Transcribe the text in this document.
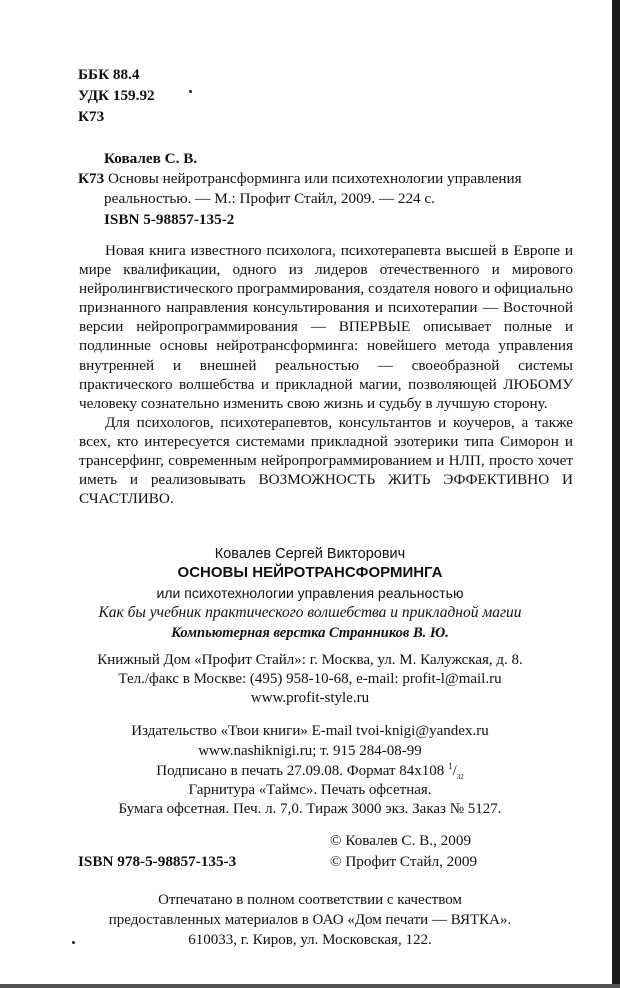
ББК 88.4
УДК 159.92
К73
Ковалев С. В.
К73 Основы нейротрансформинга или психотехнологии управления
реальностью. — М.: Профит Стайл, 2009. — 224 с.
ISBN 5-98857-135-2

Новая книга известного психолога, психотерапевта высшей в Европе и мире квалификации, одного из лидеров отечественного и мирового нейролингвистического программирования, создателя нового и официально признанного направления консультирования и психотерапии — Восточной версии нейропрограммирования — ВПЕРВЫЕ описывает полные и подлинные основы нейротрансформинга: новейшего метода управления внутренней и внешней реальностью — своеобразной системы практического волшебства и прикладной магии, позволяющей ЛЮБОМУ человеку сознательно изменить свою жизнь и судьбу в лучшую сторону.

Для психологов, психотерапевтов, консультантов и коучеров, а также всех, кто интересуется системами прикладной эзотерики типа Симорон и трансерфинг, современным нейропрограммированием и НЛП, просто хочет иметь и реализовывать ВОЗМОЖНОСТЬ ЖИТЬ ЭФФЕКТИВНО И СЧАСТЛИВО.

Ковалев Сергей Викторович
ОСНОВЫ НЕЙРОТРАНСФОРМИНГА
или психотехнологии управления реальностью
Как бы учебник практического волшебства и прикладной магии
Компьютерная верстка Странников В. Ю.
Книжный Дом «Профит Стайл»: г. Москва, ул. М. Калужская, д. 8.
Тел./факс в Москве: (495) 958-10-68, e-mail: profit-l@mail.ru
www.profit-style.ru
Издательство «Твои книги» E-mail tvoi-knigi@yandex.ru
www.nashiknigi.ru; т. 915 284-08-99
Подписано в печать 27.09.08. Формат 84х108 $^1/_{32}$
Гарнитура «Таймс». Печать офсетная.
Бумага офсетная. Печ. л. 7,0. Тираж 3000 экз. Заказ № 5127.
© Ковалев С. В., 2009
ISBN 978-5-98857-135-3	© Профит Стайл, 2009
Отпечатано в полном соответствии с качеством
предоставленных материалов в ОАО «Дом печати — ВЯТКА».
610033, г. Киров, ул. Московская, 122.
